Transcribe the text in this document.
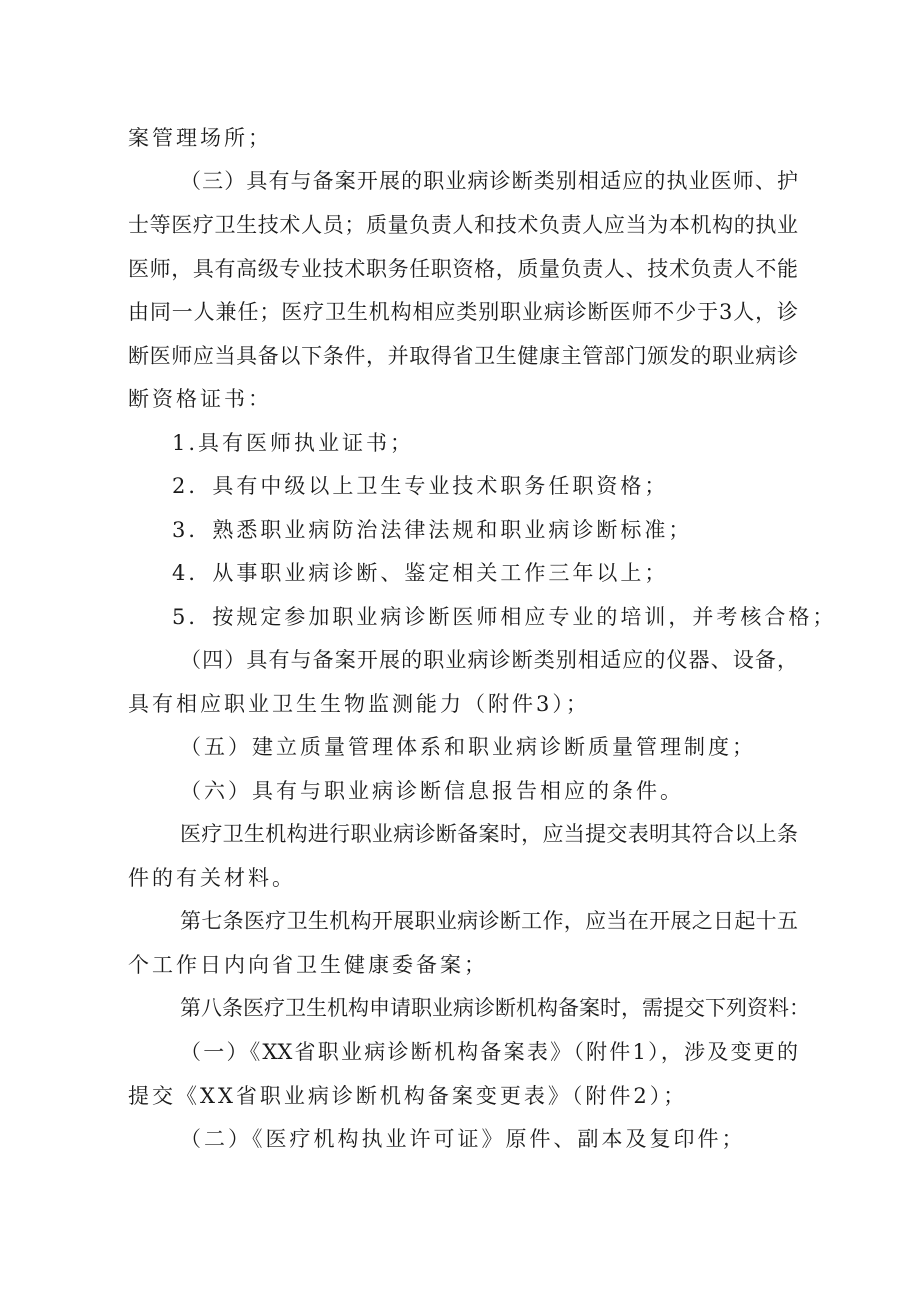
案管理场所；
（三）具有与备案开展的职业病诊断类别相适应的执业医师、护
士等医疗卫生技术人员；质量负责人和技术负责人应当为本机构的执业
医师，具有高级专业技术职务任职资格，质量负责人、技术负责人不能
由同一人兼任；医疗卫生机构相应类别职业病诊断医师不少于3人，诊
断医师应当具备以下条件，并取得省卫生健康主管部门颁发的职业病诊
断资格证书：
1.具有医师执业证书；
2．具有中级以上卫生专业技术职务任职资格；
3．熟悉职业病防治法律法规和职业病诊断标准；
4．从事职业病诊断、鉴定相关工作三年以上；
5．按规定参加职业病诊断医师相应专业的培训，并考核合格；
（四）具有与备案开展的职业病诊断类别相适应的仪器、设备，
具有相应职业卫生生物监测能力（附件3）；
（五）建立质量管理体系和职业病诊断质量管理制度；
（六）具有与职业病诊断信息报告相应的条件。
医疗卫生机构进行职业病诊断备案时，应当提交表明其符合以上条
件的有关材料。
第七条医疗卫生机构开展职业病诊断工作，应当在开展之日起十五
个工作日内向省卫生健康委备案；
第八条医疗卫生机构申请职业病诊断机构备案时，需提交下列资料：
（一）《XX省职业病诊断机构备案表》（附件1），涉及变更的
提交《XX省职业病诊断机构备案变更表》（附件2）；
（二）《医疗机构执业许可证》原件、副本及复印件；
